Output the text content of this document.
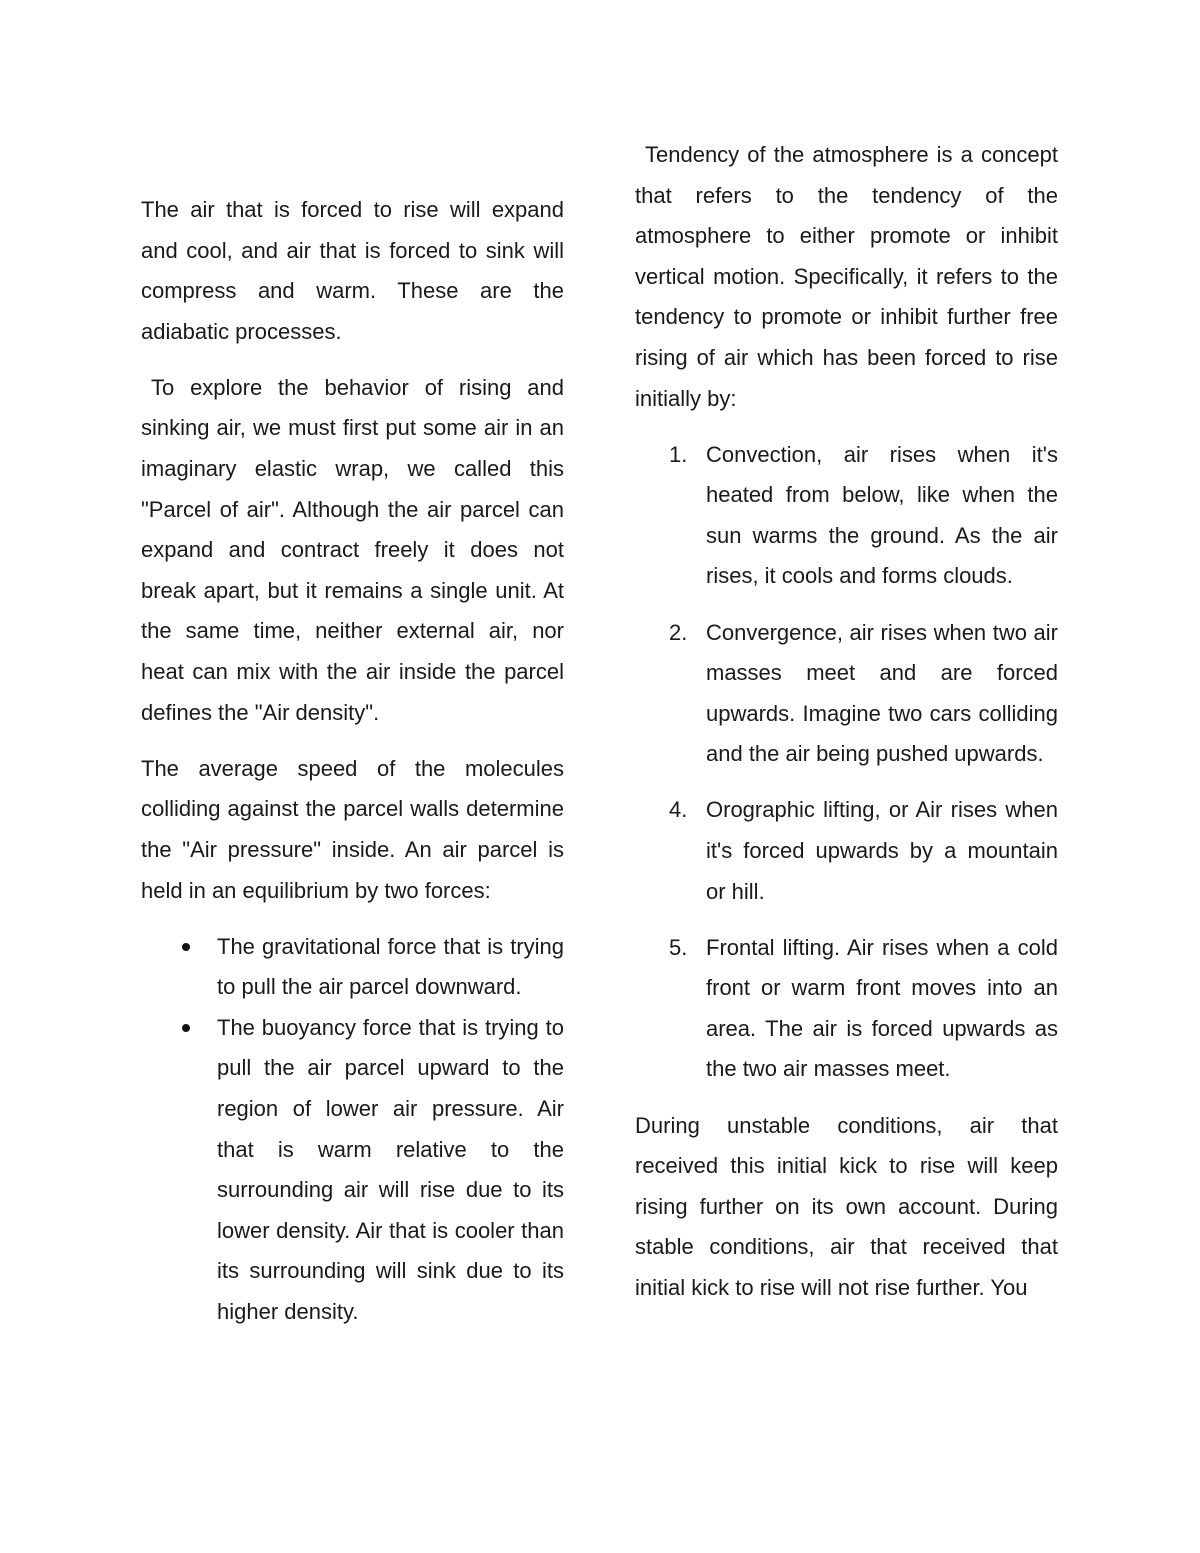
The air that is forced to rise will expand and cool, and air that is forced to sink will compress and warm. These are the adiabatic processes.

To explore the behavior of rising and sinking air, we must first put some air in an imaginary elastic wrap, we called this "Parcel of air". Although the air parcel can expand and contract freely it does not break apart, but it remains a single unit. At the same time, neither external air, nor heat can mix with the air inside the parcel defines the "Air density".

The average speed of the molecules colliding against the parcel walls determine the "Air pressure" inside. An air parcel is held in an equilibrium by two forces:

The gravitational force that is trying to pull the air parcel downward.
The buoyancy force that is trying to pull the air parcel upward to the region of lower air pressure. Air that is warm relative to the surrounding air will rise due to its lower density. Air that is cooler than its surrounding will sink due to its higher density.

Tendency of the atmosphere is a concept that refers to the tendency of the atmosphere to either promote or inhibit vertical motion. Specifically, it refers to the tendency to promote or inhibit further free rising of air which has been forced to rise initially by:

1. Convection, air rises when it's heated from below, like when the sun warms the ground. As the air rises, it cools and forms clouds.
2. Convergence, air rises when two air masses meet and are forced upwards. Imagine two cars colliding and the air being pushed upwards.
4. Orographic lifting, or Air rises when it's forced upwards by a mountain or hill.
5. Frontal lifting. Air rises when a cold front or warm front moves into an area. The air is forced upwards as the two air masses meet.

During unstable conditions, air that received this initial kick to rise will keep rising further on its own account. During stable conditions, air that received that initial kick to rise will not rise further. You
